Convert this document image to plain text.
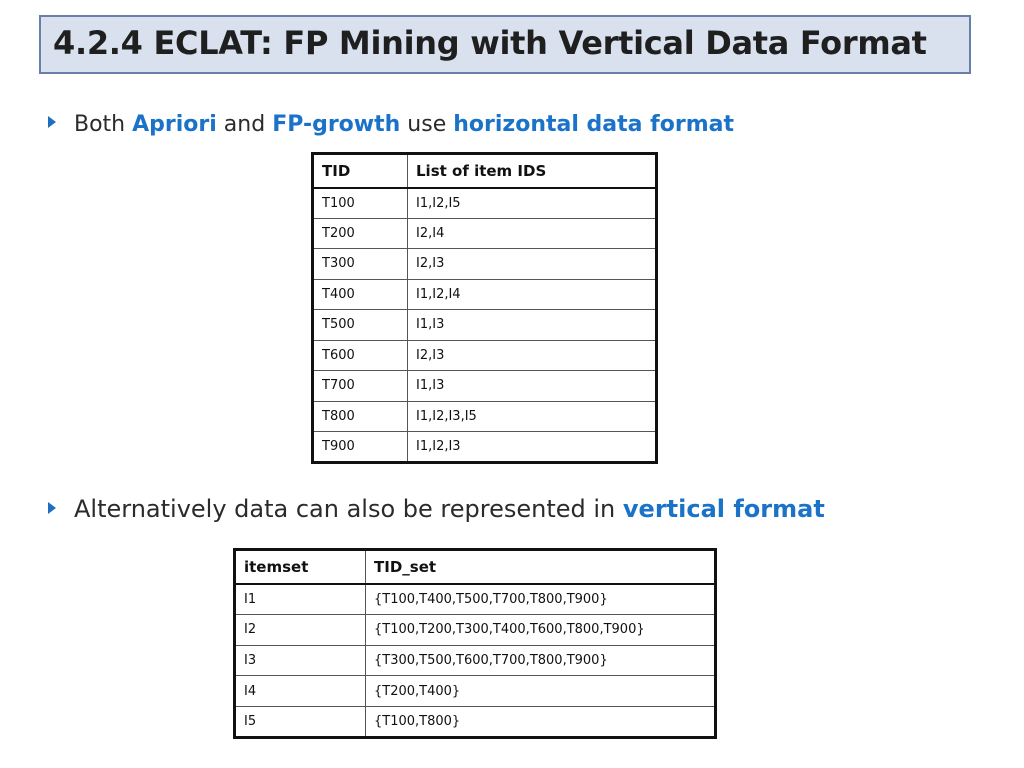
4.2.4 ECLAT: FP Mining with Vertical Data Format
Both Apriori and FP-growth use horizontal data format
TID	List of item IDS
T100	I1,I2,I5
T200	I2,I4
T300	I2,I3
T400	I1,I2,I4
T500	I1,I3
T600	I2,I3
T700	I1,I3
T800	I1,I2,I3,I5
T900	I1,I2,I3
Alternatively data can also be represented in vertical format
itemset	TID_set
I1	{T100,T400,T500,T700,T800,T900}
I2	{T100,T200,T300,T400,T600,T800,T900}
I3	{T300,T500,T600,T700,T800,T900}
I4	{T200,T400}
I5	{T100,T800}
